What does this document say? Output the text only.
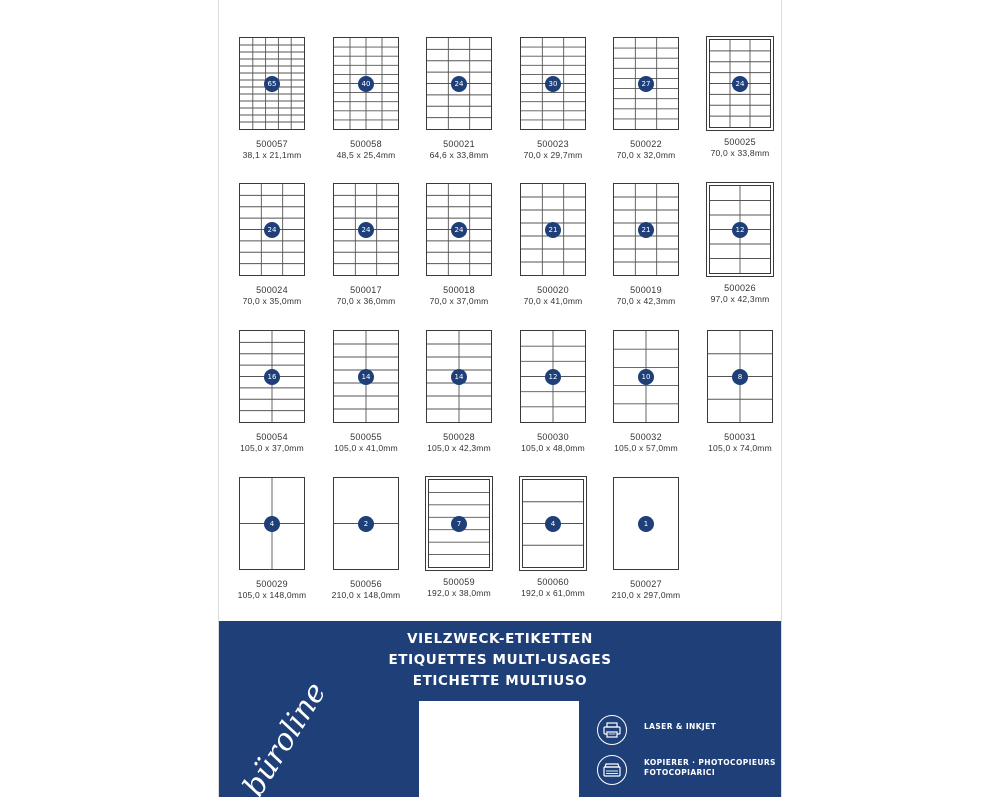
65
500057
38,1 x 21,1mm
40
500058
48,5 x 25,4mm
24
500021
64,6 x 33,8mm
30
500023
70,0 x 29,7mm
27
500022
70,0 x 32,0mm
24
500025
70,0 x 33,8mm
24
500024
70,0 x 35,0mm
24
500017
70,0 x 36,0mm
24
500018
70,0 x 37,0mm
21
500020
70,0 x 41,0mm
21
500019
70,0 x 42,3mm
12
500026
97,0 x 42,3mm
16
500054
105,0 x 37,0mm
14
500055
105,0 x 41,0mm
14
500028
105,0 x 42,3mm
12
500030
105,0 x 48,0mm
10
500032
105,0 x 57,0mm
8
500031
105,0 x 74,0mm
4
500029
105,0 x 148,0mm
2
500056
210,0 x 148,0mm
7
500059
192,0 x 38,0mm
4
500060
192,0 x 61,0mm
1
500027
210,0 x 297,0mm
VIELZWECK-ETIKETTEN
ETIQUETTES MULTI-USAGES
ETICHETTE MULTIUSO
büroline	LASER & INKJET
KOPIERER · PHOTOCOPIEURS
FOTOCOPIARICI
